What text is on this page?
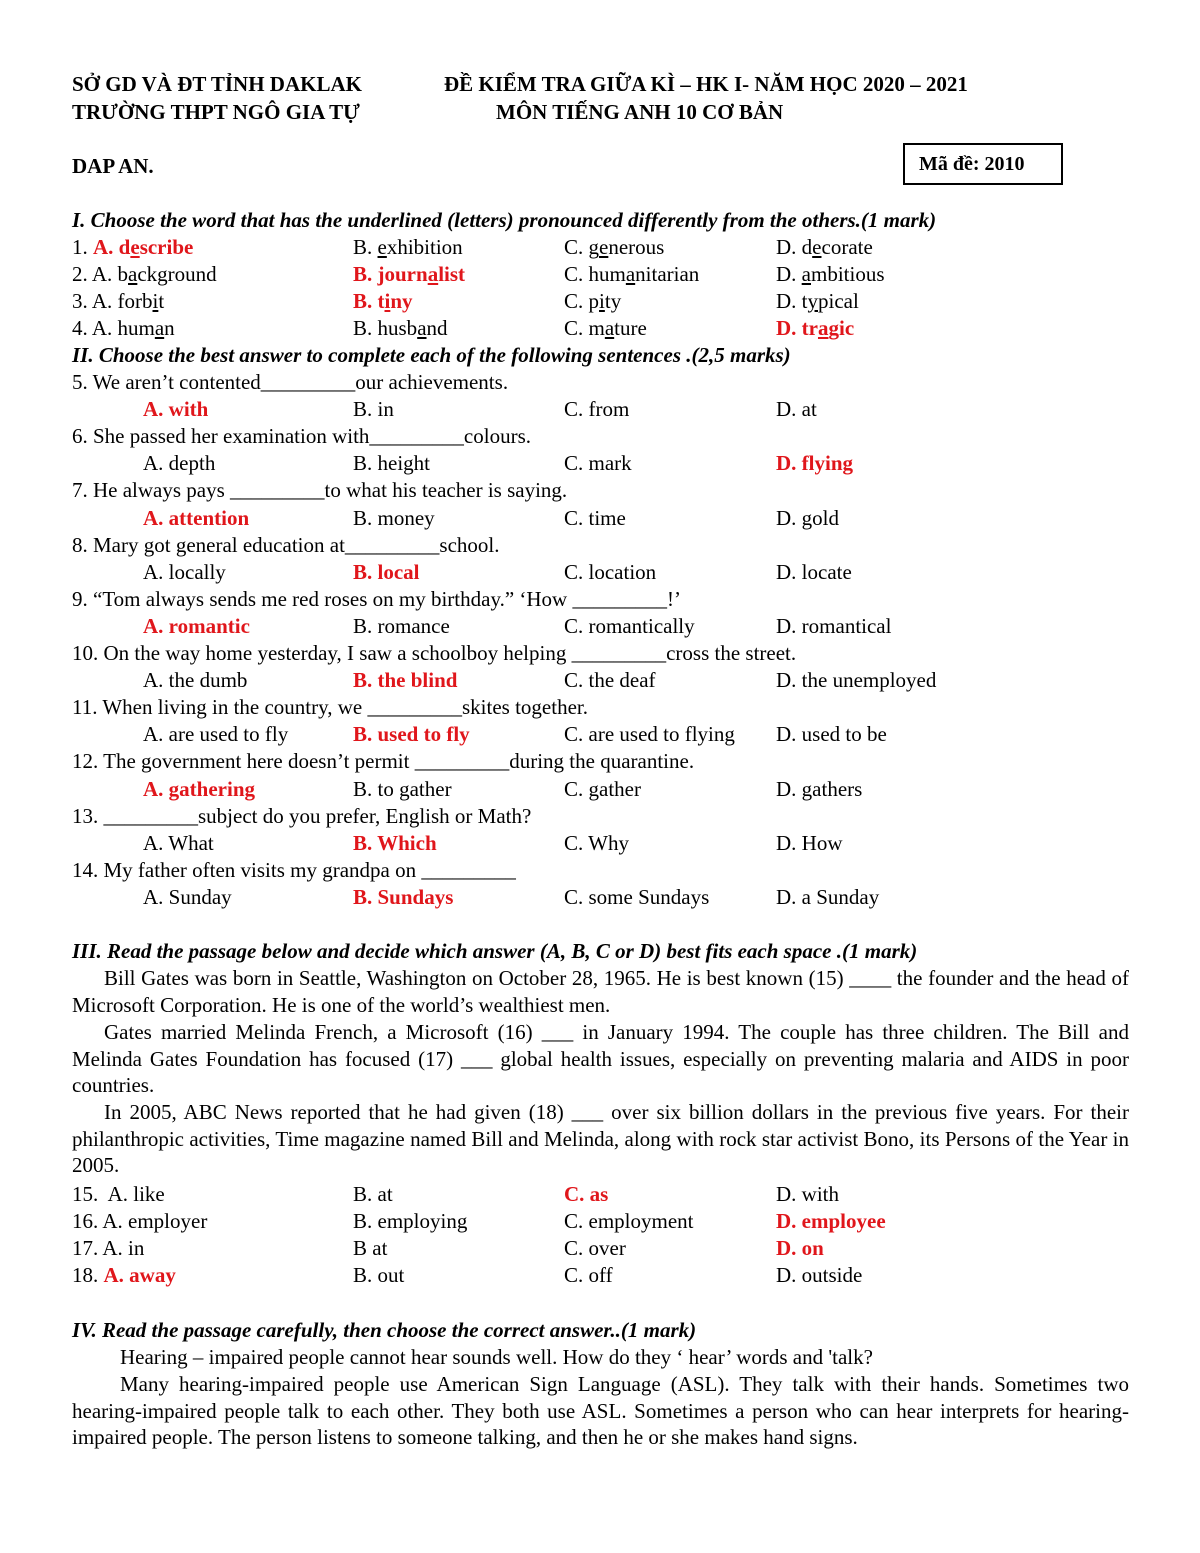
SỞ GD VÀ ĐT TỈNH DAKLAK
TRƯỜNG THPT NGÔ GIA TỰ
ĐỀ KIỂM TRA GIỮA KÌ – HK I- NĂM HỌC 2020 – 2021
MÔN TIẾNG ANH 10 CƠ BẢN
DAP AN.	Mã đề: 2010
I. Choose the word that has the underlined (letters) pronounced differently from the others.(1 mark)
1. A. describe	B. exhibition	C. generous	D. decorate
2. A. background	B. journalist	C. humanitarian	D. ambitious
3. A. forbit	B. tiny	C. pity	D. typical
4. A. human	B. husband	C. mature	D. tragic
II. Choose the best answer to complete each of the following sentences .(2,5 marks)
5. We aren’t contented_________our achievements.
A. with	B. in	C. from	D. at
6. She passed her examination with_________colours.
A. depth	B. height	C. mark	D. flying
7. He always pays _________to what his teacher is saying.
A. attention	B. money	C. time	D. gold
8. Mary got general education at_________school.
A. locally	B. local	C. location	D. locate
9. “Tom always sends me red roses on my birthday.” ‘How _________!’
A. romantic	B. romance	C. romantically	D. romantical
10. On the way home yesterday, I saw a schoolboy helping _________cross the street.
A. the dumb	B. the blind	C. the deaf	D. the unemployed
11. When living in the country, we _________skites together.
A. are used to fly	B. used to fly	C. are used to flying D. used to be
12. The government here doesn’t permit _________during the quarantine.
A. gathering	B. to gather	C. gather	D. gathers
13. _________subject do you prefer, English or Math?
A. What	B. Which	C. Why	D. How
14. My father often visits my grandpa on _________
A. Sunday	B. Sundays	C. some Sundays	D. a Sunday
III. Read the passage below and decide which answer (A, B, C or D) best fits each space .(1 mark)
Bill Gates was born in Seattle, Washington on October 28, 1965. He is best known (15) ____ the founder and the head of Microsoft Corporation. He is one of the world’s wealthiest men.
Gates married Melinda French, a Microsoft (16) ___ in January 1994. The couple has three children. The Bill and Melinda Gates Foundation has focused (17) ___ global health issues, especially on preventing malaria and AIDS in poor countries.
In 2005, ABC News reported that he had given (18) ___ over six billion dollars in the previous five years. For their philanthropic activities, Time magazine named Bill and Melinda, along with rock star activist Bono, its Persons of the Year in 2005.
15.  A. like	B. at	C. as	D. with
16. A. employer	B. employing	C. employment	D. employee
17. A. in	B at	C. over	D. on
18. A. away	B. out	C. off	D. outside
IV. Read the passage carefully, then choose the correct answer..(1 mark)
Hearing – impaired people cannot hear sounds well. How do they ‘ hear’ words and 'talk?
Many hearing-impaired people use American Sign Language (ASL). They talk with their hands. Sometimes two hearing-impaired people talk to each other. They both use ASL. Sometimes a person who can hear interprets for hearing-impaired people. The person listens to someone talking, and then he or she makes hand signs.
